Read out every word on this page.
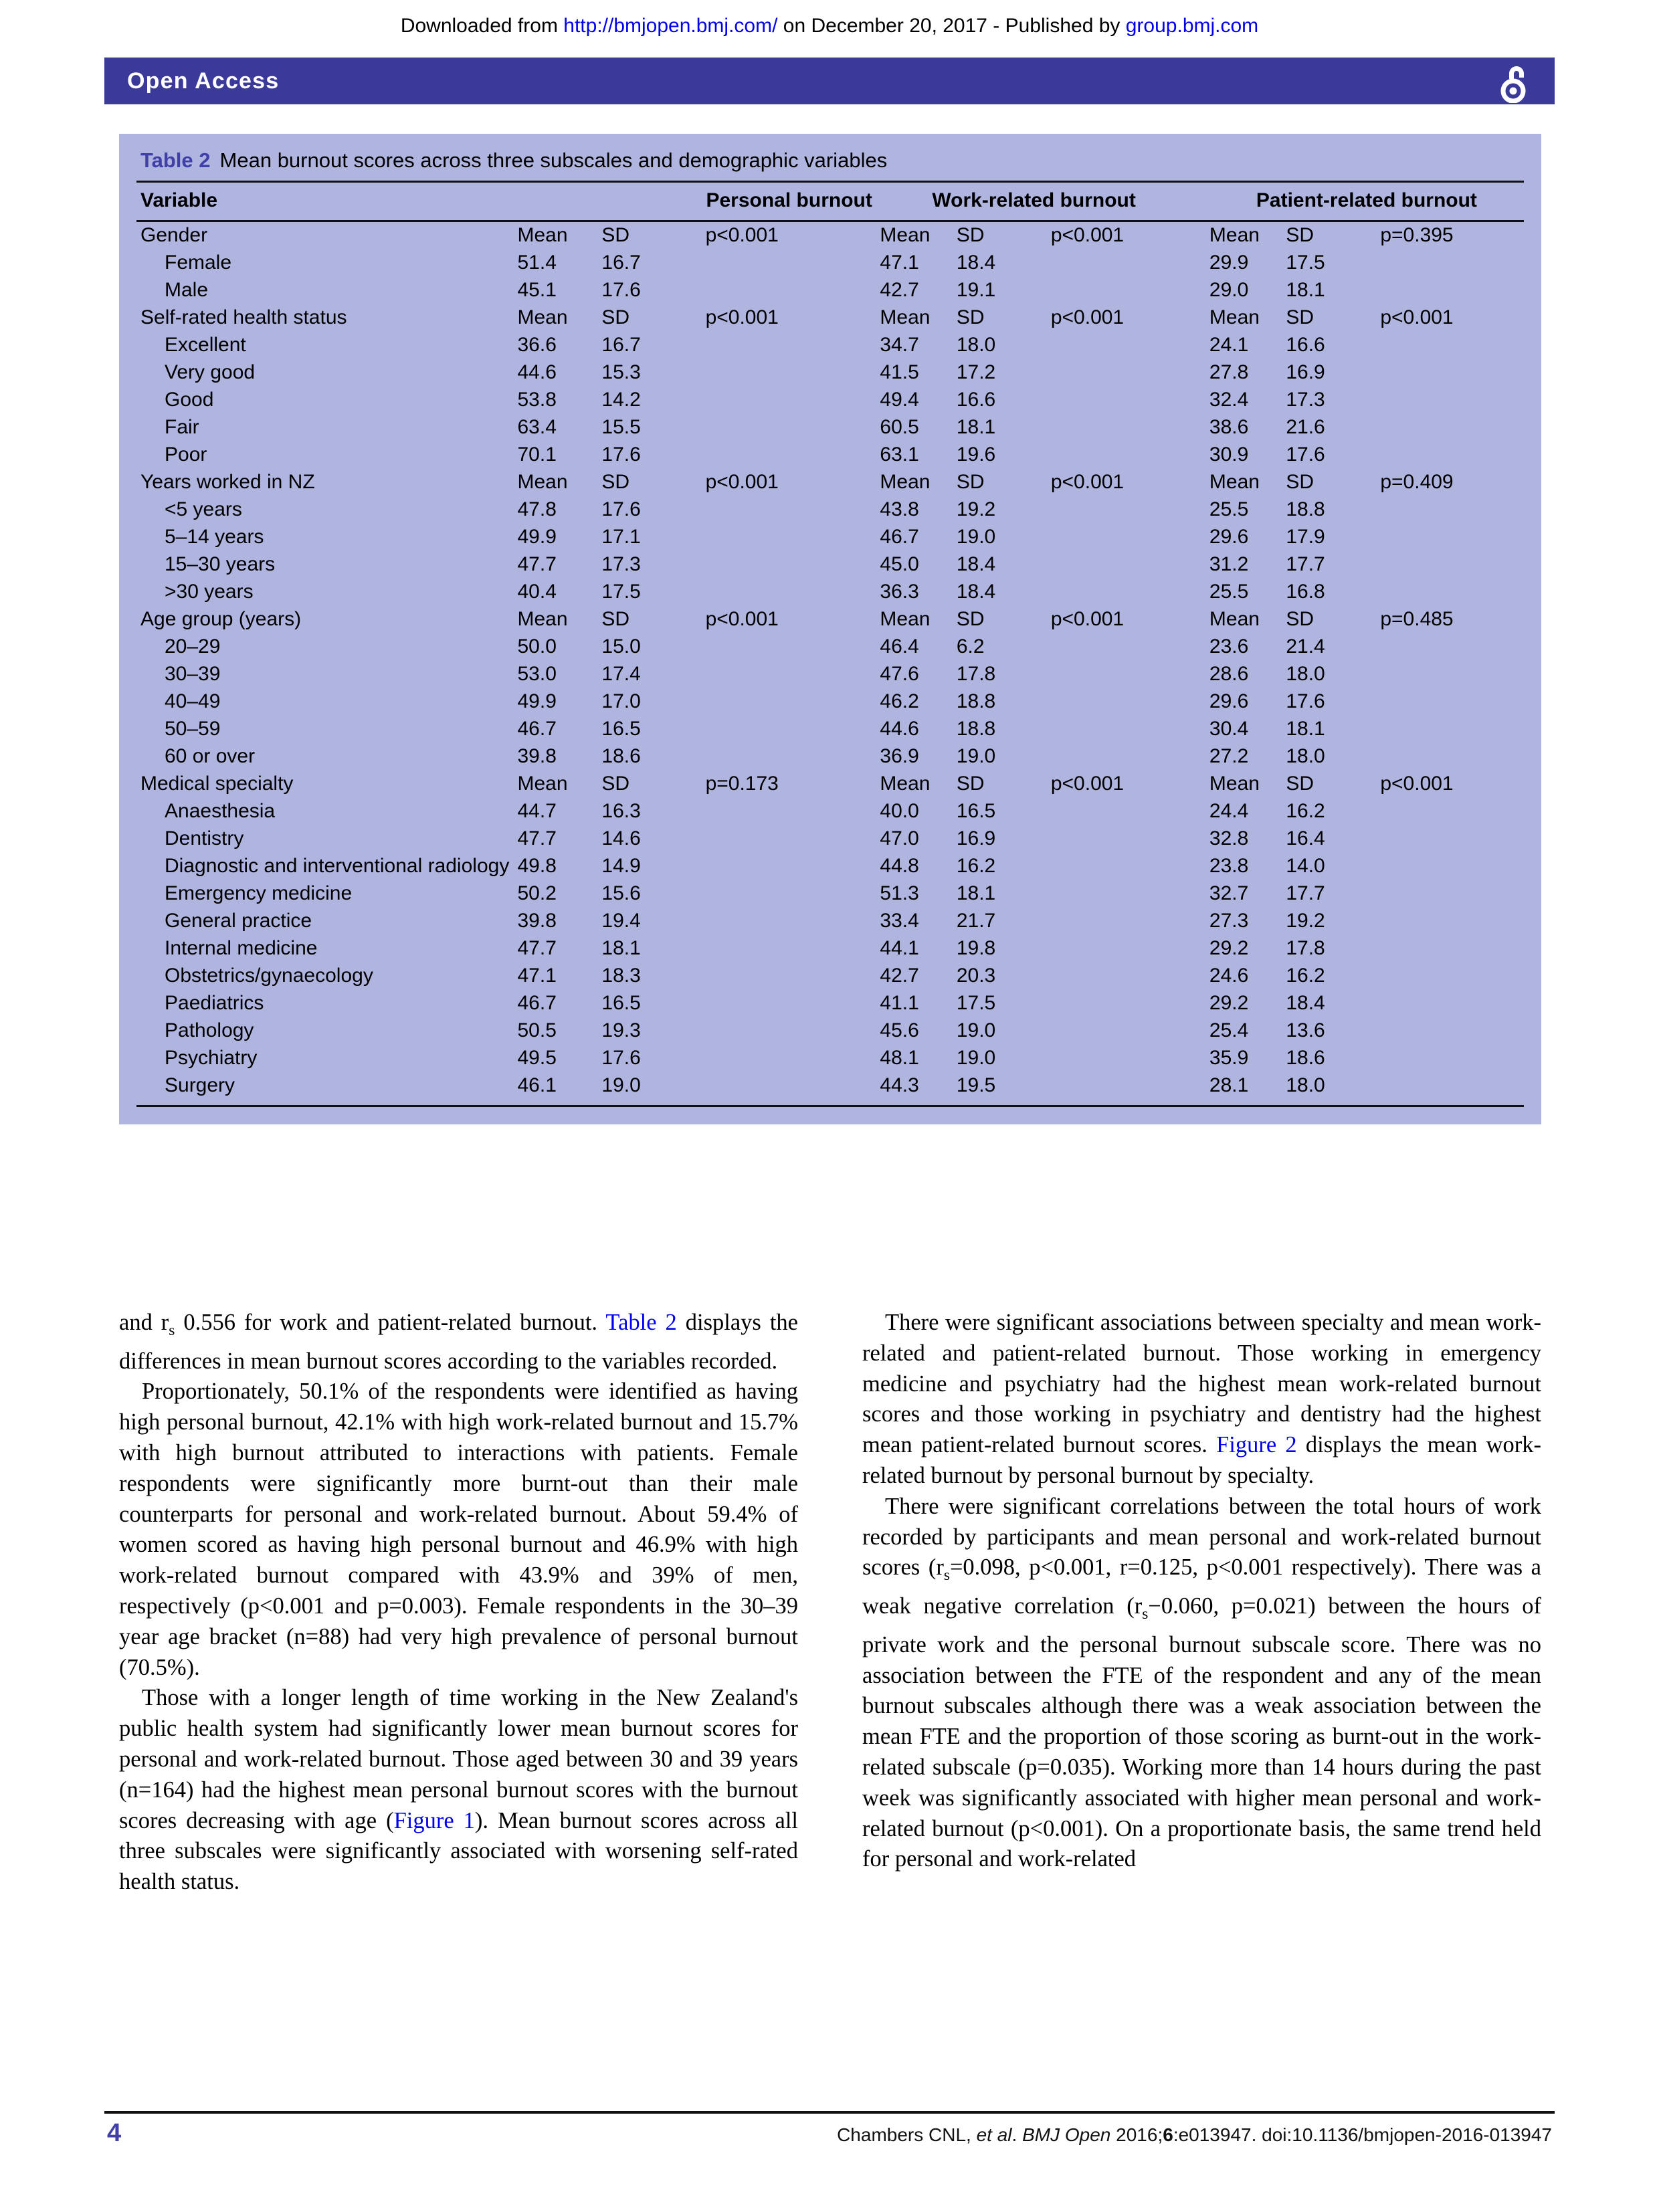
Downloaded from http://bmjopen.bmj.com/ on December 20, 2017 - Published by group.bmj.com
Open Access
Table 2 Mean burnout scores across three subscales and demographic variables
Variable	Personal burnout			Work-related burnout			Patient-related burnout		
Gender	Mean	SD	p<0.001	Mean	SD	p<0.001	Mean	SD	p=0.395
Female	51.4	16.7		47.1	18.4		29.9	17.5	
Male	45.1	17.6		42.7	19.1		29.0	18.1	
Self-rated health status	Mean	SD	p<0.001	Mean	SD	p<0.001	Mean	SD	p<0.001
Excellent	36.6	16.7		34.7	18.0		24.1	16.6	
Very good	44.6	15.3		41.5	17.2		27.8	16.9	
Good	53.8	14.2		49.4	16.6		32.4	17.3	
Fair	63.4	15.5		60.5	18.1		38.6	21.6	
Poor	70.1	17.6		63.1	19.6		30.9	17.6	
Years worked in NZ	Mean	SD	p<0.001	Mean	SD	p<0.001	Mean	SD	p=0.409
<5 years	47.8	17.6		43.8	19.2		25.5	18.8	
5–14 years	49.9	17.1		46.7	19.0		29.6	17.9	
15–30 years	47.7	17.3		45.0	18.4		31.2	17.7	
>30 years	40.4	17.5		36.3	18.4		25.5	16.8	
Age group (years)	Mean	SD	p<0.001	Mean	SD	p<0.001	Mean	SD	p=0.485
20–29	50.0	15.0		46.4	6.2		23.6	21.4	
30–39	53.0	17.4		47.6	17.8		28.6	18.0	
40–49	49.9	17.0		46.2	18.8		29.6	17.6	
50–59	46.7	16.5		44.6	18.8		30.4	18.1	
60 or over	39.8	18.6		36.9	19.0		27.2	18.0	
Medical specialty	Mean	SD	p=0.173	Mean	SD	p<0.001	Mean	SD	p<0.001
Anaesthesia	44.7	16.3		40.0	16.5		24.4	16.2	
Dentistry	47.7	14.6		47.0	16.9		32.8	16.4	
Diagnostic and interventional radiology	49.8	14.9		44.8	16.2		23.8	14.0	
Emergency medicine	50.2	15.6		51.3	18.1		32.7	17.7	
General practice	39.8	19.4		33.4	21.7		27.3	19.2	
Internal medicine	47.7	18.1		44.1	19.8		29.2	17.8	
Obstetrics/gynaecology	47.1	18.3		42.7	20.3		24.6	16.2	
Paediatrics	46.7	16.5		41.1	17.5		29.2	18.4	
Pathology	50.5	19.3		45.6	19.0		25.4	13.6	
Psychiatry	49.5	17.6		48.1	19.0		35.9	18.6	
Surgery	46.1	19.0		44.3	19.5		28.1	18.0	

and $r_s$ 0.556 for work and patient-related burnout. Table 2 displays the differences in mean burnout scores according to the variables recorded.

Proportionately, 50.1% of the respondents were identified as having high personal burnout, 42.1% with high work-related burnout and 15.7% with high burnout attributed to interactions with patients. Female respondents were significantly more burnt-out than their male counterparts for personal and work-related burnout. About 59.4% of women scored as having high personal burnout and 46.9% with high work-related burnout compared with 43.9% and 39% of men, respectively (p<0.001 and p=0.003). Female respondents in the 30–39 year age bracket (n=88) had very high prevalence of personal burnout (70.5%).

Those with a longer length of time working in the New Zealand's public health system had significantly lower mean burnout scores for personal and work-related burnout. Those aged between 30 and 39 years (n=164) had the highest mean personal burnout scores with the burnout scores decreasing with age (Figure 1). Mean burnout scores across all three subscales were significantly associated with worsening self-rated health status.

There were significant associations between specialty and mean work-related and patient-related burnout. Those working in emergency medicine and psychiatry had the highest mean work-related burnout scores and those working in psychiatry and dentistry had the highest mean patient-related burnout scores. Figure 2 displays the mean work-related burnout by personal burnout by specialty.

There were significant correlations between the total hours of work recorded by participants and mean personal and work-related burnout scores ($r_s=0.098$, p<0.001, r=0.125, p<0.001 respectively). There was a weak negative correlation ($r_s-0.060$, p=0.021) between the hours of private work and the personal burnout subscale score. There was no association between the FTE of the respondent and any of the mean burnout subscales although there was a weak association between the mean FTE and the proportion of those scoring as burnt-out in the work-related subscale (p=0.035). Working more than 14 hours during the past week was significantly associated with higher mean personal and work-related burnout (p<0.001). On a proportionate basis, the same trend held for personal and work-related

4	Chambers CNL, et al. BMJ Open 2016;6:e013947. doi:10.1136/bmjopen-2016-013947
